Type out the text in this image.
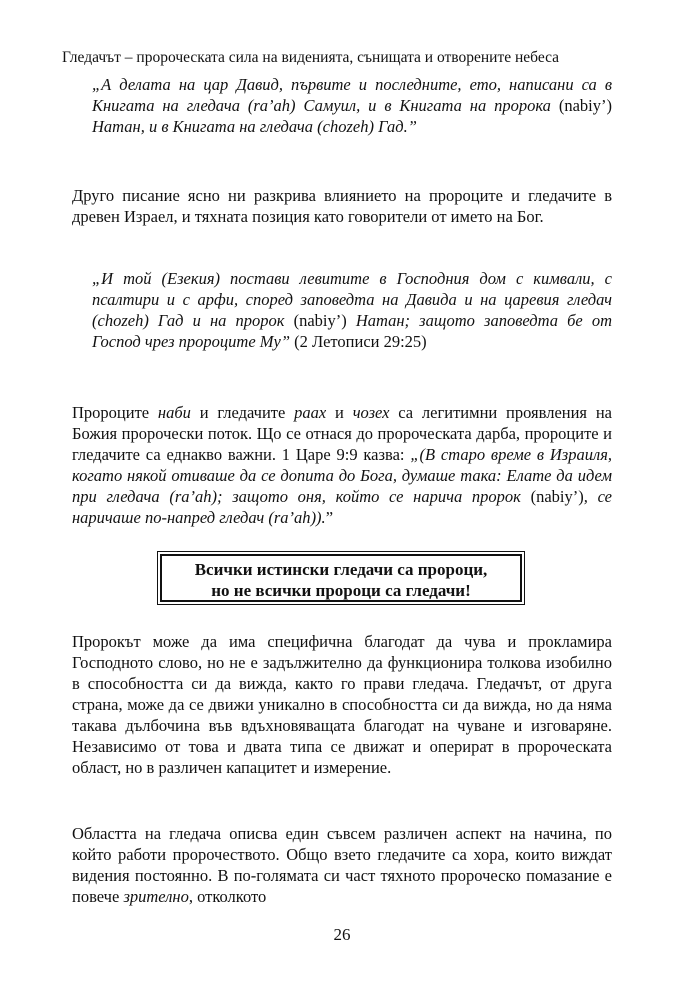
Гледачът – пророческата сила на виденията, сънищата и отворените небеса
„А делата на цар Давид, първите и последните, ето, написани са в Книгата на гледача (ra’ah) Самуил, и в Книгата на пророка (nabiy’) Натан, и в Книгата на гледача (chozeh) Гад.”
Друго писание ясно ни разкрива влиянието на пророците и гледачите в древен Израел, и тяхната позиция като говорители от името на Бог.
„И той (Езекия) постави левитите в Господния дом с кимвали, с псалтири и с арфи, според заповедта на Давида и на царевия гледач (chozeh) Гад и на пророк (nabiy’) Натан; защото заповедта бе от Господ чрез пророците Му” (2 Летописи 29:25)
Пророците наби и гледачите раах и чозех са легитимни проявления на Божия пророчески поток. Що се отнася до пророческата дарба, пророците и гледачите са еднакво важни. 1 Царе 9:9 казва: „(В старо време в Израиля, когато някой отиваше да се допита до Бога, думаше така: Елате да идем при гледача (ra’ah); защото оня, който се нарича пророк (nabiy’), се наричаше по-напред гледач (ra’ah)).”
Всички истински гледачи са пророци,
но не всички пророци са гледачи!
Пророкът може да има специфична благодат да чува и прокламира Господното слово, но не е задължително да функционира толкова изобилно в способността си да вижда, както го прави гледача. Гледачът, от друга страна, може да се движи уникално в способността си да вижда, но да няма такава дълбочина във вдъхновяващата благодат на чуване и изговаряне. Независимо от това и двата типа се движат и оперират в пророческата област, но в различен капацитет и измерение.
Областта на гледача описва един съвсем различен аспект на начина, по който работи пророчеството. Общо взето гледачите са хора, които виждат видения постоянно. В по-голямата си част тяхното пророческо помазание е повече зрително, отколкото
26
